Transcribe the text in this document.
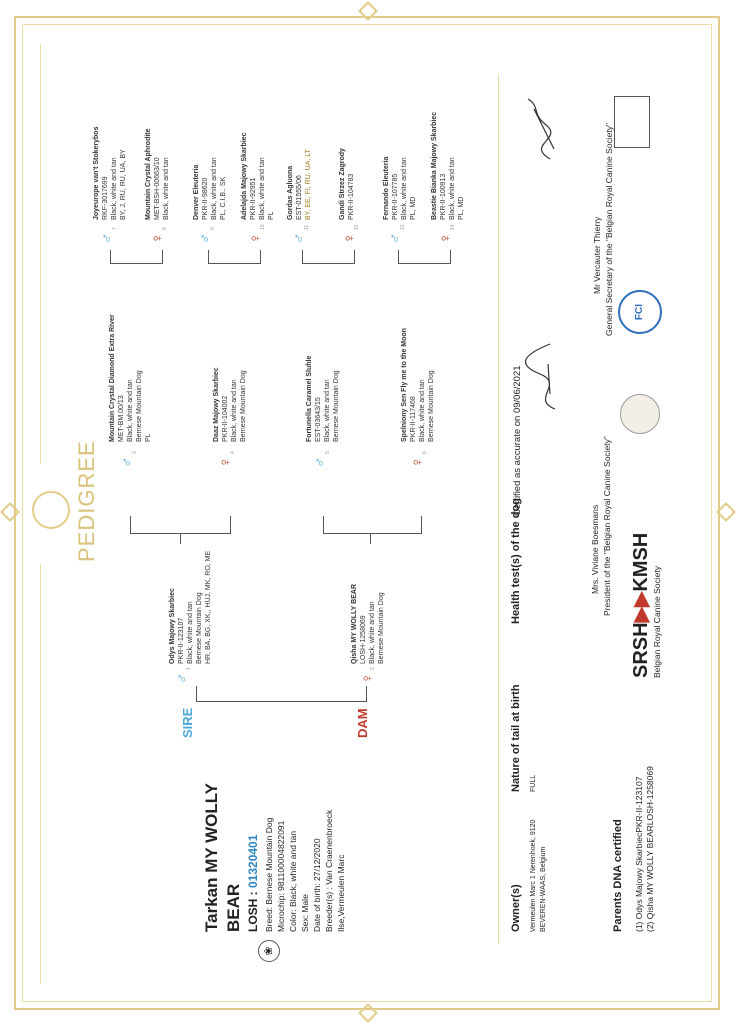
PEDIGREE
Tarkan MY WOLLY BEAR LOSH : 01320401
❀
Breed: Bernese Mountain Dog Microchip: 981100004822091 Color: Black, white and tan Sex: Male Date of birth: 27/12/2020 Breeder(s) : Van Craenenbroeck Ilse,Vermeulen Marc
SIRE	DAM
♂
1
Odys Majowy Skarbiec PKR-II-123107 Black, white and tan Bernese Mountain Dog HR, BA, BG, XK,, HUJ, MK, RO, ME
♀
2
Qisha MY WOLLY BEAR LOSH-1258069 Black, white and tan Bernese Mountain Dog
♂
3
Mountain Crystal Diamond Extra River MET-BM.00/13 Black, white and tan Bernese Mountain Dog PL
♀
4
Daaz Majowy Skarbiec PKR-II-104002 Black, white and tan Bernese Mountain Dog
♂
5
Fortunella Caramel Sluhle EST-03643/15 Black, white and tan Bernese Mountain Dog
♀
6
Spelniony Sen Fly me to the Moon PKR-II-117468 Black, white and tan Bernese Mountain Dog
♂
7
Joyeurope van't Stokerybos RKF-3017699 Black, white and tan BY, J, RU, RU, UA, BY
♀
8
Mountain Crystal Aphrodite MET-BSH-00663/10 Black, white and tan
♂
9
Denver Eleuteria PKR-II-98620 Black, white and tan PL, C.I.B., SK
♀
10
Adelajda Majowy Skarbiec PKR-II-92951 Black, white and tan PL
♂
11
Gordas Agluona EST-01555/06 BY, EE, FI, RU, UA, LT
♀
12
Gandi Strzez Zagrody PKR-II-104783
♂
13
Fernando Eleuteria PKR-II-107785 Black, white and tan PL, MD
♀
14
Beastie Bianka Majowy Skarbiec PKR-II-100913 Black, white and tan PL, MD
Owner(s) Vermeulen Marc 1 Nerenhoek, 9120 BEVEREN-WAAS, Belgium
Nature of tail at birth FULL
Health test(s) of the dog
Certified as accurate on 09/06/2021
Mrs. Viviane Boesmans President of the "Belgian Royal Canine Society"
Mr Vercauter Thierry General Secretary of the "Belgian Royal Canine Society"
SRSH▶▶KMSH
Belgian Royal Canine Society
FCI
Parents DNA certified (1) Odys Majowy SkarbiecPKR-II-123107 (2) Qisha MY WOLLY BEARLOSH-1258069
